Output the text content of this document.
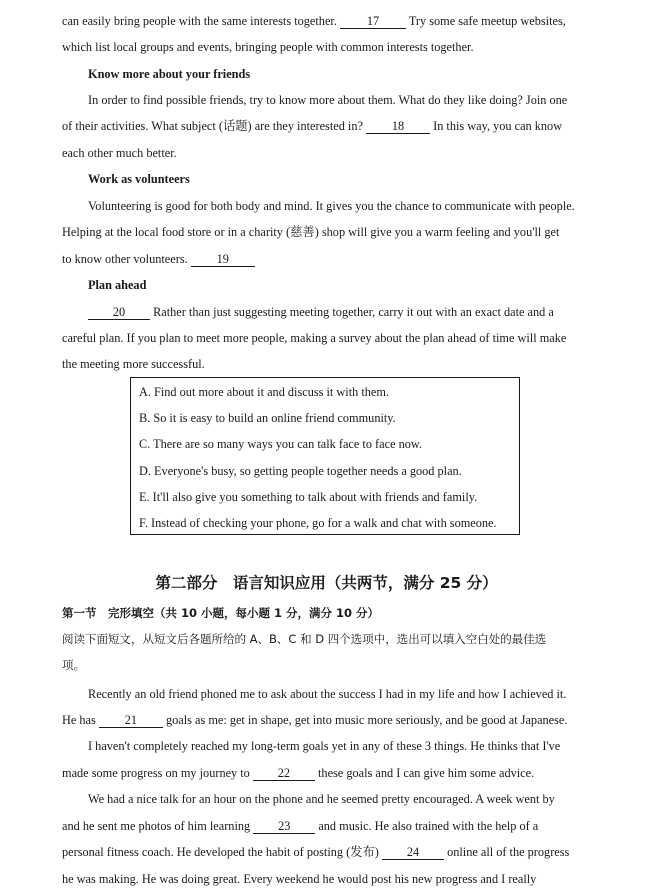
can easily bring people with the same interests together. 17 Try some safe meetup websites,
which list local groups and events, bringing people with common interests together.
Know more about your friends
In order to find possible friends, try to know more about them. What do they like doing? Join one
of their activities. What subject (话题) are they interested in? 18 In this way, you can know
each other much better.
Work as volunteers
Volunteering is good for both body and mind. It gives you the chance to communicate with people.
Helping at the local food store or in a charity (慈善) shop will give you a warm feeling and you'll get
to know other volunteers. 19
Plan ahead
20 Rather than just suggesting meeting together, carry it out with an exact date and a
careful plan. If you plan to meet more people, making a survey about the plan ahead of time will make
the meeting more successful.
A. Find out more about it and discuss it with them.
B. So it is easy to build an online friend community.
C. There are so many ways you can talk face to face now.
D. Everyone's busy, so getting people together needs a good plan.
E. It'll also give you something to talk about with friends and family.
F. Instead of checking your phone, go for a walk and chat with someone.
第二部分　语言知识应用（共两节，满分 25 分）
第一节　完形填空（共 10 小题，每小题 1 分，满分 10 分）
阅读下面短文，从短文后各题所给的 A、B、C 和 D 四个选项中，选出可以填入空白处的最佳选
项。
Recently an old friend phoned me to ask about the success I had in my life and how I achieved it.
He has 21 goals as me: get in shape, get into music more seriously, and be good at Japanese.
I haven't completely reached my long-term goals yet in any of these 3 things. He thinks that I've
made some progress on my journey to 22 these goals and I can give him some advice.
We had a nice talk for an hour on the phone and he seemed pretty encouraged. A week went by
and he sent me photos of him learning 23 and music. He also trained with the help of a
personal fitness coach. He developed the habit of posting (发布) 24 online all of the progress
he was making. He was doing great. Every weekend he would post his new progress and I really
